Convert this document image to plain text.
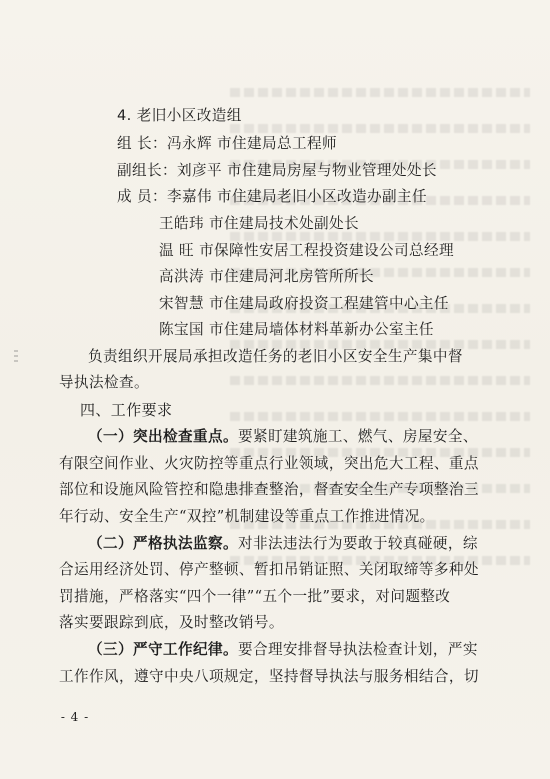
4. 老旧小区改造组
组 长：冯永辉 市住建局总工程师
副组长：刘彦平 市住建局房屋与物业管理处处长
成 员：李嘉伟 市住建局老旧小区改造办副主任
王皓玮 市住建局技术处副处长
温 旺 市保障性安居工程投资建设公司总经理
高洪涛 市住建局河北房管所所长
宋智慧 市住建局政府投资工程建管中心主任
陈宝国 市住建局墙体材料革新办公室主任
负责组织开展局承担改造任务的老旧小区安全生产集中督
导执法检查。
四、工作要求
（一）突出检查重点。要紧盯建筑施工、燃气、房屋安全、
有限空间作业、火灾防控等重点行业领域，突出危大工程、重点
部位和设施风险管控和隐患排查整治，督查安全生产专项整治三
年行动、安全生产“双控”机制建设等重点工作推进情况。
（二）严格执法监察。对非法违法行为要敢于较真碰硬，综
合运用经济处罚、停产整顿、暂扣吊销证照、关闭取缔等多种处
罚措施，严格落实“四个一律”“五个一批”要求，对问题整改
落实要跟踪到底，及时整改销号。
（三）严守工作纪律。要合理安排督导执法检查计划，严实
工作作风，遵守中央八项规定，坚持督导执法与服务相结合，切
- 4 -
